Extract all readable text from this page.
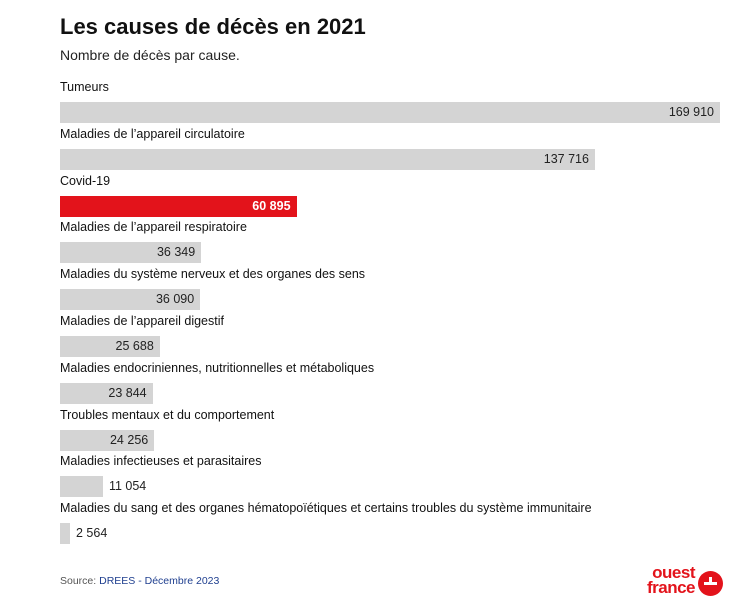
Les causes de décès en 2021
Nombre de décès par cause.
Tumeurs
169 910
Maladies de l’appareil circulatoire
137 716
Covid-19
60 895
Maladies de l’appareil respiratoire
36 349
Maladies du système nerveux et des organes des sens
36 090
Maladies de l’appareil digestif
25 688
Maladies endocriniennes, nutritionnelles et métaboliques
23 844
Troubles mentaux et du comportement
24 256
Maladies infectieuses et parasitaires
11 054
Maladies du sang et des organes hématopoïétiques et certains troubles du système immunitaire
2 564
Source: DREES - Décembre 2023	ouest
france
